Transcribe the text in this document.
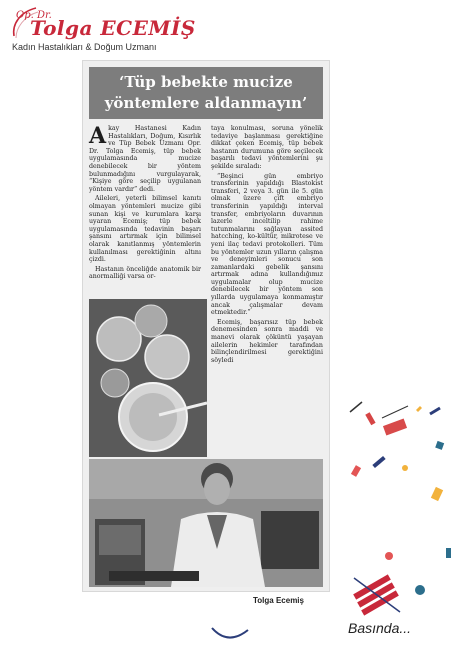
Op. Dr.
Tolga ECEMİŞ
Kadın Hastalıkları & Doğum Uzmanı
‘Tüp bebekte mucize
yöntemlere aldanmayın’

Akay Hastanesi Kadın Hastalıkları, Doğum, Kısırlık ve Tüp Bebek Uzmanı Opr. Dr. Tolga Ecemiş, tüp bebek uygulamasında mucize denebilecek bir yöntem bulunmadığını vurgulayarak, “Kişiye göre seçilip uygulanan yöntem vardır” dedi.

Aileleri, yeterli bilimsel kanıtı olmayan yöntemleri mucize gibi sunan kişi ve kurumlara karşı uyaran Ecemiş; tüp bebek uygulamasında tedavinin başarı şansını artırmak için bilimsel olarak kanıtlanmış yöntemlerin kullanılması gerektiğinin altını çizdi.

Hastanın önceliğde anatomik bir anormalliği varsa or-

taya konulması, soruna yönelik tedaviye başlanması gerektiğine dikkat çeken Ecemiş, tüp bebek hastanın durumuna göre seçilecek başarılı tedavi yöntemlerini şu şekilde sıraladı:

“Beşinci gün embriyo transferinin yapıldığı Blastokist transferi, 2 veya 3. gün ile 5. gün olmak üzere çift embriyo transferinin yapıldığı interval transfer, embriyoların duvarının lazerle inceltilip rahime tutunmalarını sağlayan assited hatcching, ko-kültür, mikrotese ve yeni ilaç tedavi protokolleri. Tüm bu yöntemler uzun yılların çalışma ve deneyimleri sonucu son zamanlardaki gebelik şansını artırmak adına kullandığımız uygulamalar olup mucize denebilecek bir yöntem son yıllarda uygulamaya konmamıştır ancak çalışmalar devam etmektedir.”

Ecemiş, başarısız tüp bebek denemesinden sonra maddi ve manevi olarak çöküntü yaşayan ailelerin hekimler tarafından bilinçlendirilmesi gerektiğini söyledi

Tolga Ecemiş
Basında...
